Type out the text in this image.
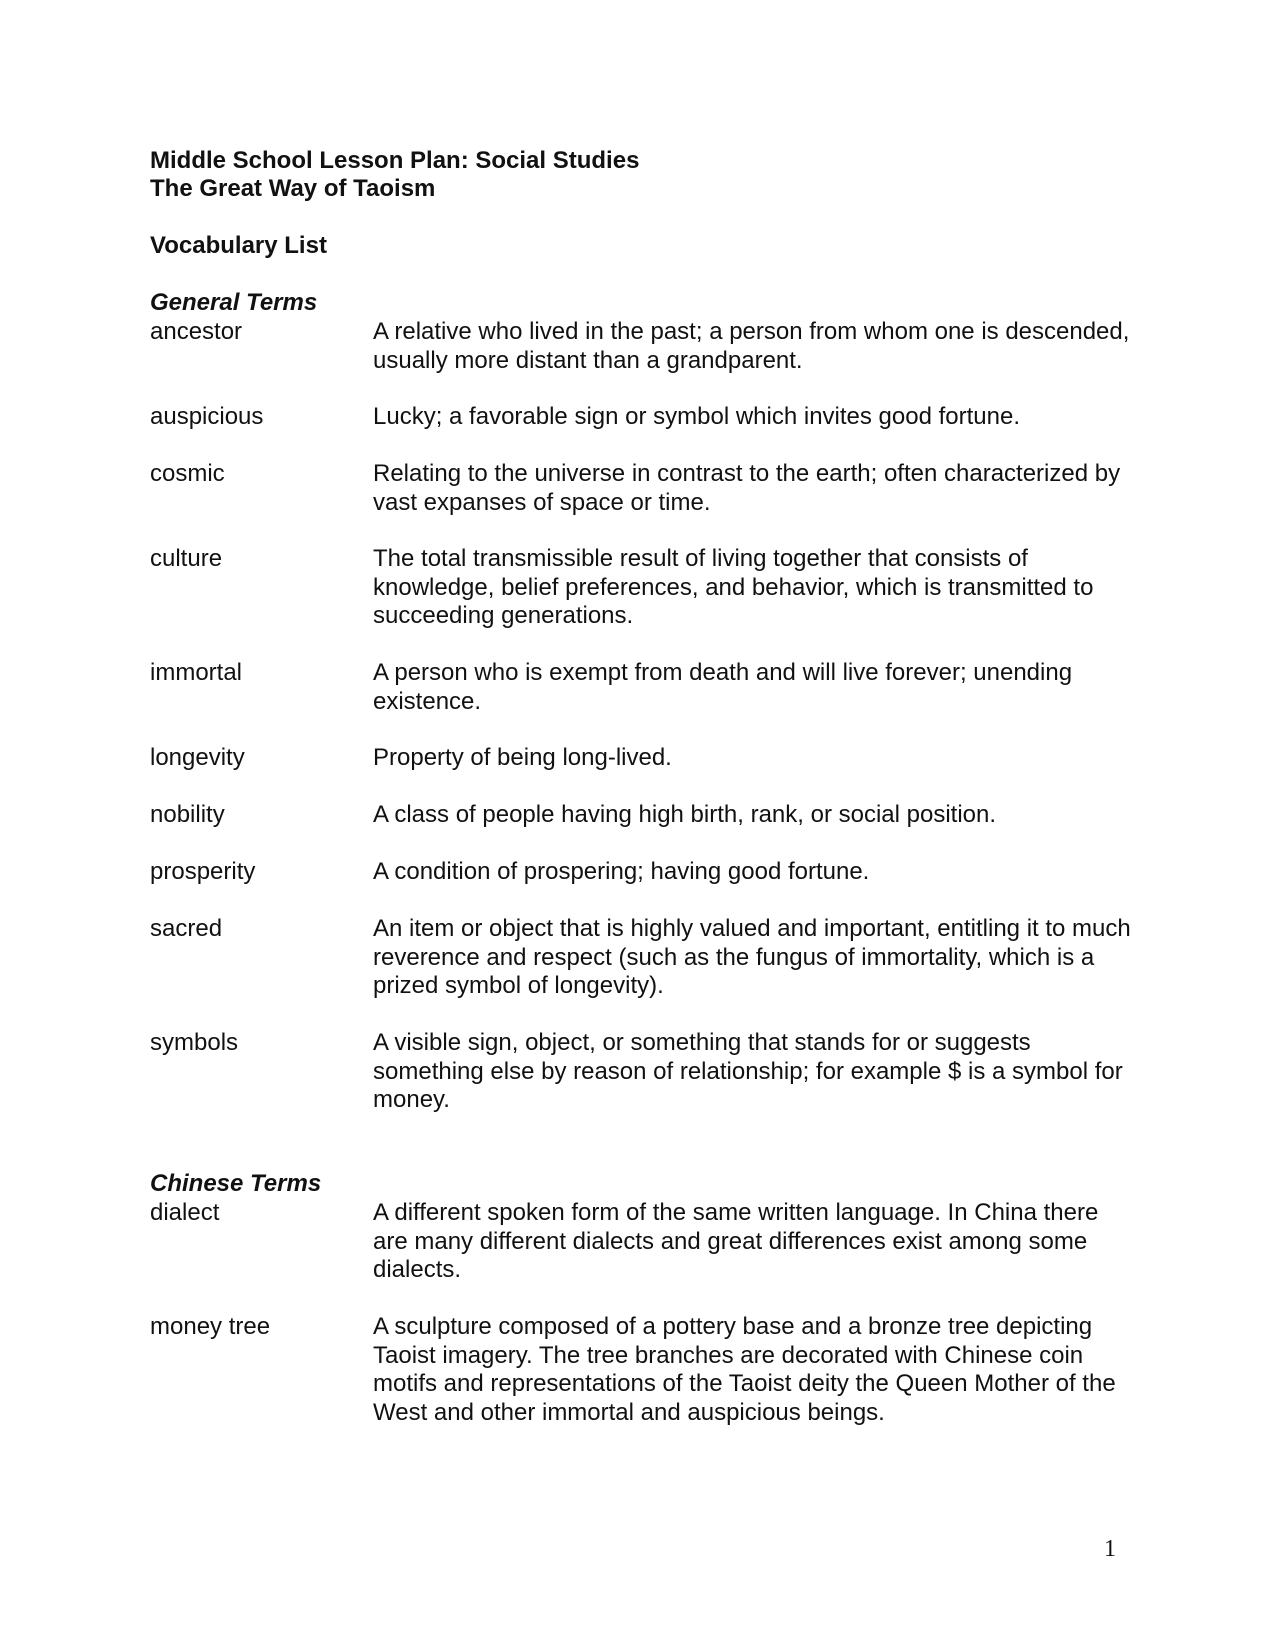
Middle School Lesson Plan: Social Studies
The Great Way of Taoism
Vocabulary List
General Terms
ancestor	A relative who lived in the past; a person from whom one is descended, usually more distant than a grandparent.
auspicious	Lucky; a favorable sign or symbol which invites good fortune.
cosmic	Relating to the universe in contrast to the earth; often characterized by vast expanses of space or time.
culture	The total transmissible result of living together that consists of knowledge, belief preferences, and behavior, which is transmitted to succeeding generations.
immortal	A person who is exempt from death and will live forever; unending existence.
longevity	Property of being long-lived.
nobility	A class of people having high birth, rank, or social position.
prosperity	A condition of prospering; having good fortune.
sacred	An item or object that is highly valued and important, entitling it to much reverence and respect (such as the fungus of immortality, which is a prized symbol of longevity).
symbols	A visible sign, object, or something that stands for or suggests something else by reason of relationship; for example $ is a symbol for money.
Chinese Terms
dialect	A different spoken form of the same written language. In China there are many different dialects and great differences exist among some dialects.
money tree	A sculpture composed of a pottery base and a bronze tree depicting Taoist imagery. The tree branches are decorated with Chinese coin motifs and representations of the Taoist deity the Queen Mother of the West and other immortal and auspicious beings.
1
